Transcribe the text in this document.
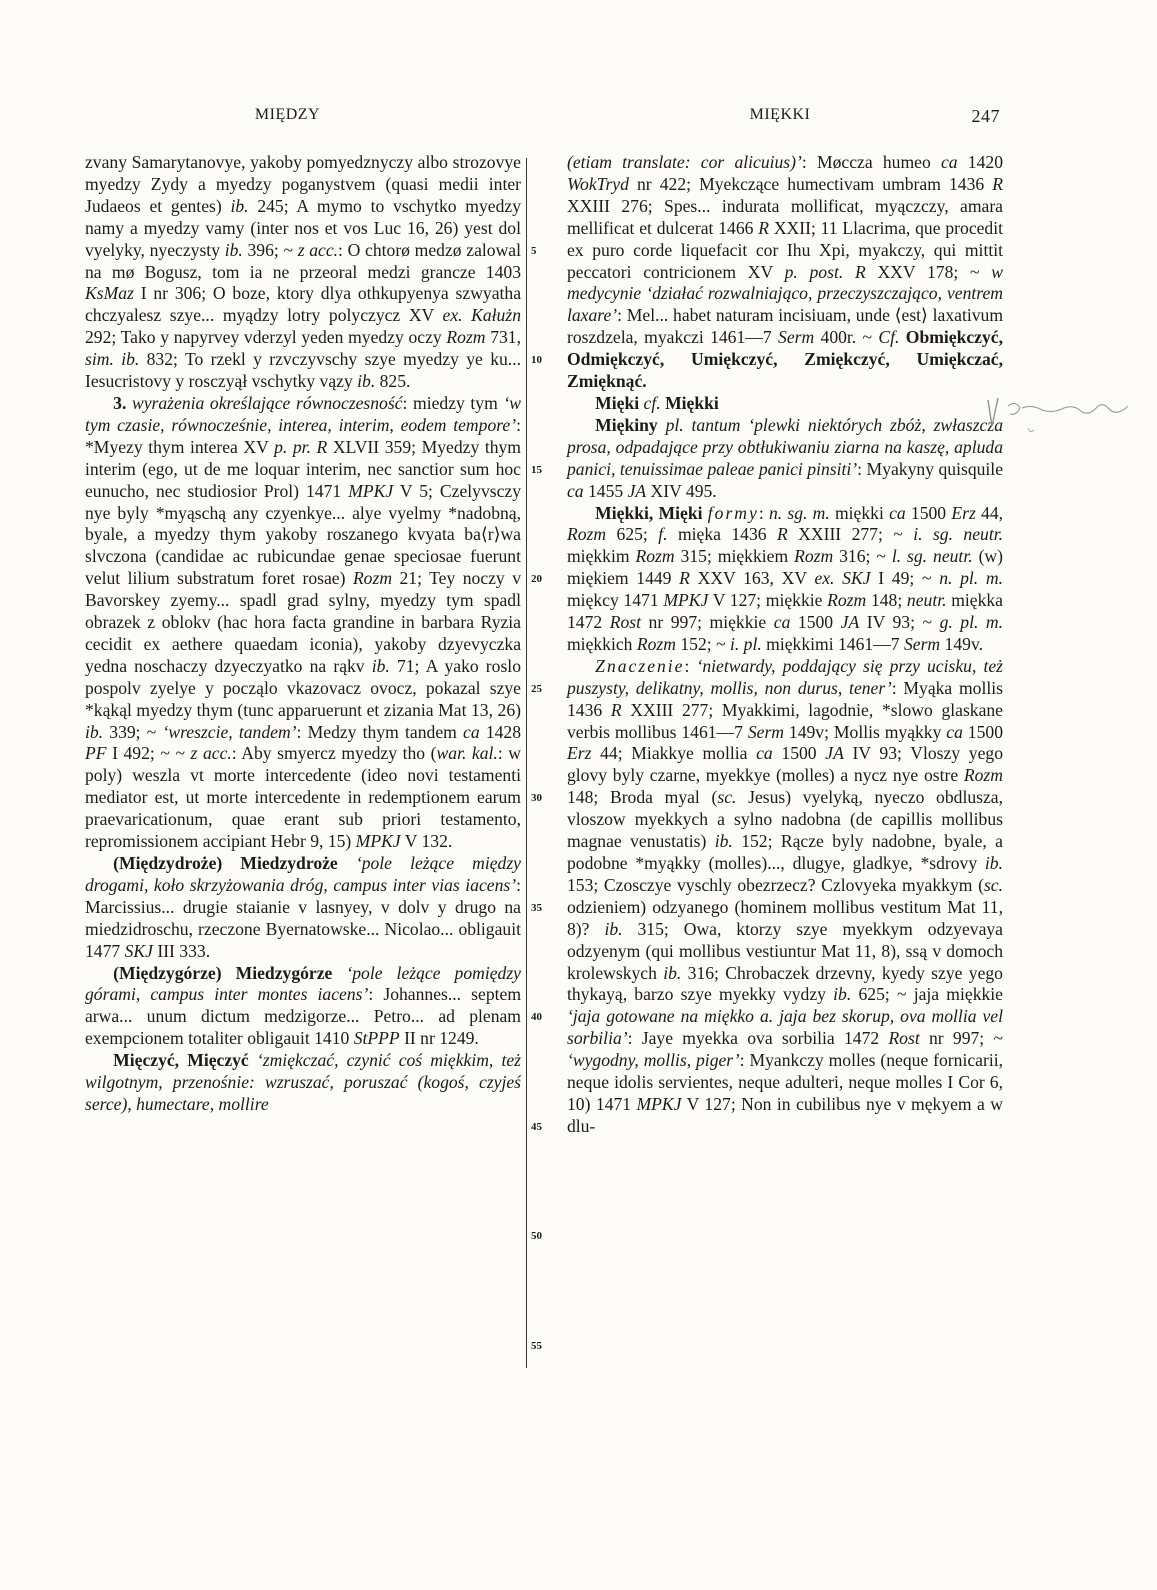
MIĘDZY	MIĘKKI	247

zvany Samarytanovye, yakoby pomyedznyczy albo strozovye myedzy Zydy a myedzy poganystvem (quasi medii inter Judaeos et gentes) ib. 245; A mymo to vschytko myedzy namy a myedzy vamy (inter nos et vos Luc 16, 26) yest dol vyelyky, nyeczysty ib. 396; ~ z acc.: O chtorø medzø zalowal na mø Bogusz, tom ia ne przeoral medzi grancze 1403 KsMaz I nr 306; O boze, ktory dlya othkupyenya szwyatha chczyalesz szye... myądzy lotry polyczycz XV ex. Kałużn 292; Tako y napyrvey vderzyl yeden myedzy oczy Rozm 731, sim. ib. 832; To rzekl y rzvczyvschy szye myedzy ye ku... Iesucristovy y rosczyął vschytky vązy ib. 825.

3. wyrażenia określające równoczesność: miedzy tym ‘w tym czasie, równocześnie, interea, interim, eodem tempore’: *Myezy thym interea XV p. pr. R XLVII 359; Myedzy thym interim (ego, ut de me loquar interim, nec sanctior sum hoc eunucho, nec studiosior Prol) 1471 MPKJ V 5; Czelyvsczy nye byly *myąschą any czyenkye... alye vyelmy *nadobną, byale, a myedzy thym yakoby roszanego kvyata ba⟨r⟩wa slvczona (candidae ac rubicundae genae speciosae fuerunt velut lilium substratum foret rosae) Rozm 21; Tey noczy v Bavorskey zyemy... spadl grad sylny, myedzy tym spadl obrazek z oblokv (hac hora facta grandine in barbara Ryzia cecidit ex aethere quaedam iconia), yakoby dzyevyczka yedna noschaczy dzyeczyatko na rąkv ib. 71; A yako roslo pospolv zyelye y począlo vkazovacz ovocz, pokazal szye *kąkąl myedzy thym (tunc apparuerunt et zizania Mat 13, 26) ib. 339; ~ ‘wreszcie, tandem’: Medzy thym tandem ca 1428 PF I 492; ~ ~ z acc.: Aby smyercz myedzy tho (war. kal.: w poly) weszla vt morte intercedente (ideo novi testamenti mediator est, ut morte intercedente in redemptionem earum praevaricationum, quae erant sub priori testamento, repromissionem accipiant Hebr 9, 15) MPKJ V 132.

(Międzydroże) Miedzydroże ‘pole leżące między drogami, koło skrzyżowania dróg, campus inter vias iacens’: Marcissius... drugie staianie v lasnyey, v dolv y drugo na miedzidroschu, rzeczone Byernatowske... Nicolao... obligauit 1477 SKJ III 333.

(Międzygórze) Miedzygórze ‘pole leżące pomiędzy górami, campus inter montes iacens’: Johannes... septem arwa... unum dictum medzigorze... Petro... ad plenam exempcionem totaliter obligauit 1410 StPPP II nr 1249.

Mięczyć, Mięczyć ‘zmiękczać, czynić coś miękkim, też wilgotnym, przenośnie: wzruszać, poruszać (kogoś, czyjeś serce), humectare, mollire

5
10
15
20
25
30
35
40
45
50
55

(etiam translate: cor alicuius)’: Møccza humeo ca 1420 WokTryd nr 422; Myekcząc​e humectivam umbram 1436 R XXIII 276; Spes... indurata mollificat, myączczy, amara mellificat et dulcerat 1466 R XXII; 11 Llacrima, que procedit ex puro corde liquefacit cor Ihu Xpi, myakczy, qui mittit peccatori contricionem XV p. post. R XXV 178; ~ w medycynie ‘działać rozwalniająco, przeczyszczająco, ventrem laxare’: Mel... habet naturam incisiuam, unde ⟨est⟩ laxativum roszdzela, myakczi 1461—7 Serm 400r. ~ Cf. Obmiękczyć, Odmiękczyć, Umiękczyć, Zmiękczyć, Umiękczać, Zmięknąć.

Mięki cf. Miękki

Miękiny pl. tantum ‘plewki niektórych zbóż, zwłaszcza prosa, odpadające przy obtłukiwaniu ziarna na kaszę, apluda panici, tenuissimae paleae panici pinsiti’: Myakyny quisquile ca 1455 JA XIV 495.

Miękki, Mięki formy: n. sg. m. miękki ca 1500 Erz 44, Rozm 625; f. mięka 1436 R XXIII 277; ~ i. sg. neutr. miękkim Rozm 315; miękkiem Rozm 316; ~ l. sg. neutr. (w) miękiem 1449 R XXV 163, XV ex. SKJ I 49; ~ n. pl. m. miękcy 1471 MPKJ V 127; miękkie Rozm 148; neutr. miękka 1472 Rost nr 997; miękkie ca 1500 JA IV 93; ~ g. pl. m. miękkich Rozm 152; ~ i. pl. miękkimi 1461—7 Serm 149v.

Znaczenie: ‘nietwardy, poddający się przy ucisku, też puszysty, delikatny, mollis, non durus, tener’: Myąka mollis 1436 R XXIII 277; Myakkimi, lagodnie, *slowo glaskane verbis mollibus 1461—7 Serm 149v; Mollis myąkky ca 1500 Erz 44; Miakkye mollia ca 1500 JA IV 93; Vloszy yego glovy byly czarne, myekkye (molles) a nycz nye ostre Rozm 148; Broda myal (sc. Jesus) vyelyką, nyeczo obdlusza, vloszow myekkych a sylno nadobna (de capillis mollibus magnae venustatis) ib. 152; Rącze byly nadobne, byale, a podobne *myąkky (molles)..., dlugye, gladkye, *sdrovy ib. 153; Czosczye vyschly obezrzecz? Czlovyeka myakkym (sc. odzieniem) odzyanego (hominem mollibus vestitum Mat 11, 8)? ib. 315; Owa, ktorzy szye myekkym odzyevaya odzyenym (qui mollibus vestiuntur Mat 11, 8), ssą v domoch krolewskych ib. 316; Chrobaczek drzevny, kyedy szye yego thykayą, barzo szye myekky vydzy ib. 625; ~ jaja miękkie ‘jaja gotowane na miękko a. jaja bez skorup, ova mollia vel sorbilia’: Jaye myekka ova sorbilia 1472 Rost nr 997; ~ ‘wygodny, mollis, piger’: Myankczy molles (neque fornicarii, neque idolis servientes, neque adulteri, neque molles I Cor 6, 10) 1471 MPKJ V 127; Non in cubilibus nye v mękyem a w dlu-
